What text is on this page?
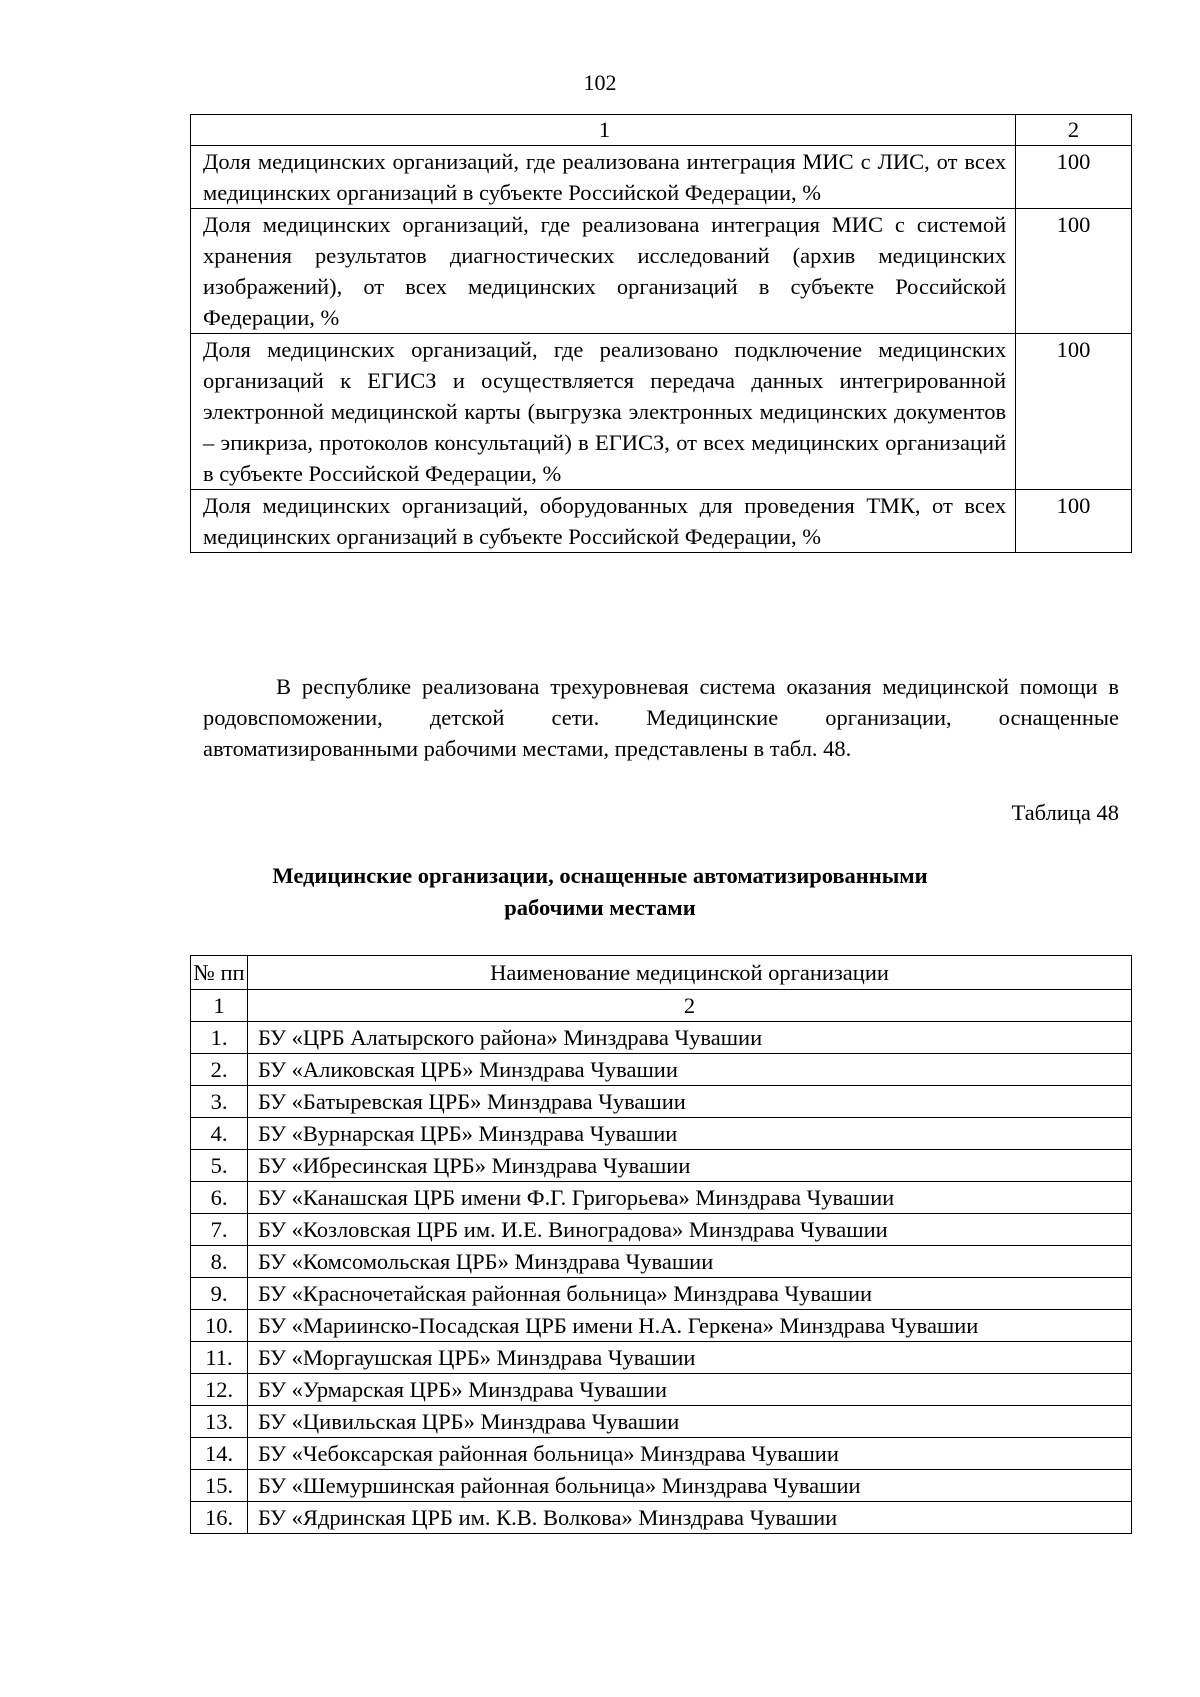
102
1	2
Доля медицинских организаций, где реализована интеграция МИС с ЛИС, от всех медицинских организаций в субъекте Российской Федерации, %	100
Доля медицинских организаций, где реализована интеграция МИС с системой хранения результатов диагностических исследований (архив медицинских изображений), от всех медицинских организаций в субъекте Российской Федерации, %	100
Доля медицинских организаций, где реализовано подключение медицинских организаций к ЕГИСЗ и осуществляется передача данных интегрированной электронной медицинской карты (выгрузка электронных медицинских документов – эпикриза, протоколов консультаций) в ЕГИСЗ, от всех медицинских организаций в субъекте Российской Федерации, %	100
Доля медицинских организаций, оборудованных для проведения ТМК, от всех медицинских организаций в субъекте Российской Федерации, %	100
В республике реализована трехуровневая система оказания медицинской помощи в родовспоможении, детской сети. Медицинские организации, оснащенные автоматизированными рабочими местами, представлены в табл. 48.
Таблица 48
Медицинские организации, оснащенные автоматизированными рабочими местами
№ пп	Наименование медицинской организации
1	2
1.	БУ «ЦРБ Алатырского района» Минздрава Чувашии
2.	БУ «Аликовская ЦРБ» Минздрава Чувашии
3.	БУ «Батыревская ЦРБ» Минздрава Чувашии
4.	БУ «Вурнарская ЦРБ» Минздрава Чувашии
5.	БУ «Ибресинская ЦРБ» Минздрава Чувашии
6.	БУ «Канашская ЦРБ имени Ф.Г. Григорьева» Минздрава Чувашии
7.	БУ «Козловская ЦРБ им. И.Е. Виноградова» Минздрава Чувашии
8.	БУ «Комсомольская ЦРБ» Минздрава Чувашии
9.	БУ «Красночетайская районная больница» Минздрава Чувашии
10.	БУ «Мариинско-Посадская ЦРБ имени Н.А. Геркена» Минздрава Чувашии
11.	БУ «Моргаушская ЦРБ» Минздрава Чувашии
12.	БУ «Урмарская ЦРБ» Минздрава Чувашии
13.	БУ «Цивильская ЦРБ» Минздрава Чувашии
14.	БУ «Чебоксарская районная больница» Минздрава Чувашии
15.	БУ «Шемуршинская районная больница» Минздрава Чувашии
16.	БУ «Ядринская ЦРБ им. К.В. Волкова» Минздрава Чувашии
